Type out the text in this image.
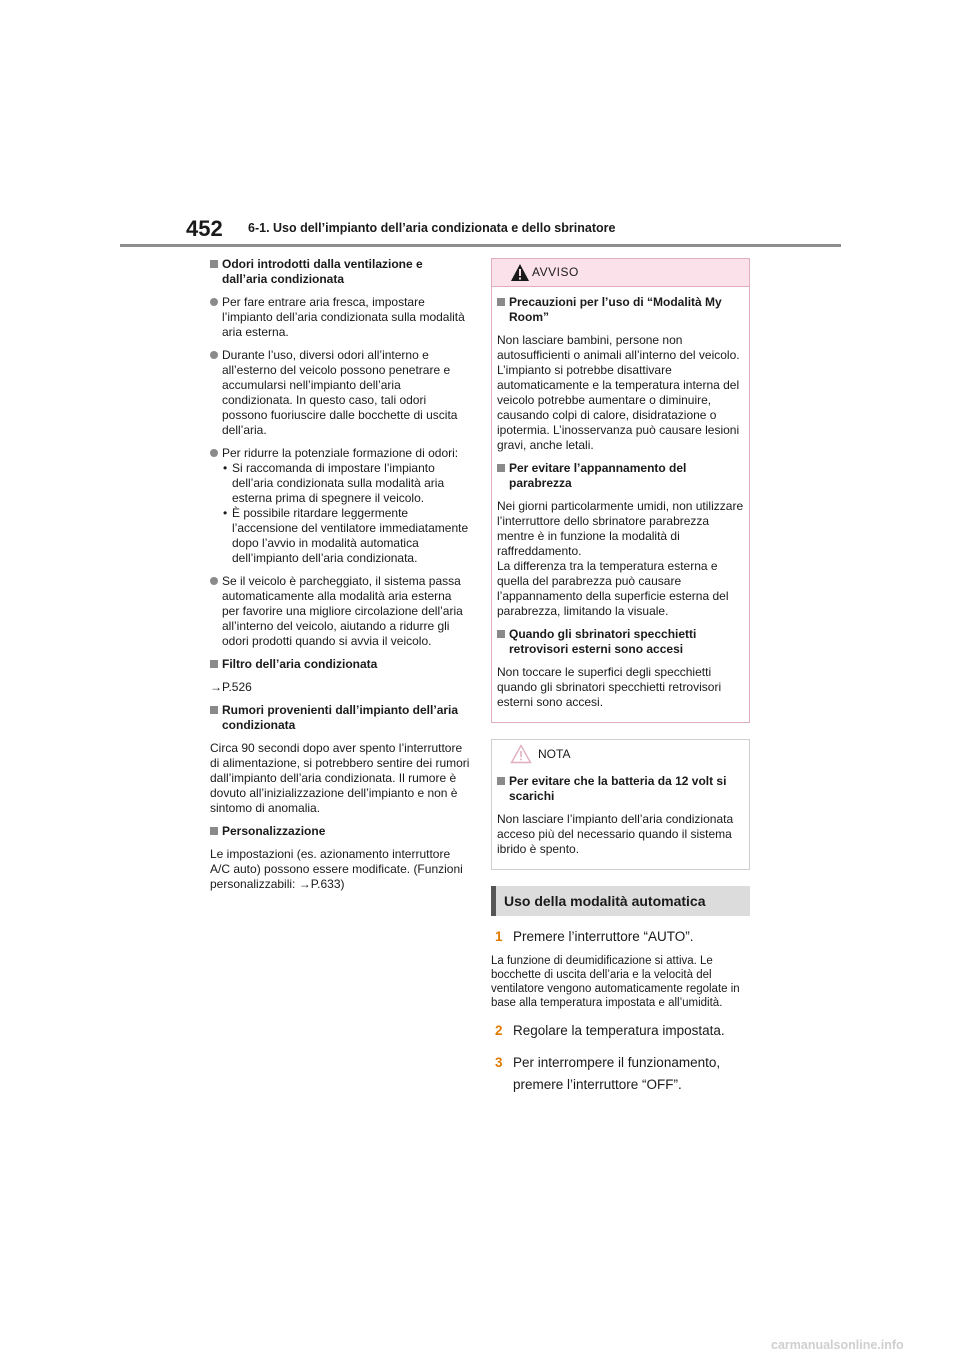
452 6-1. Uso dell’impianto dell’aria condizionata e dello sbrinatore
Odori introdotti dalla ventilazione e dall’aria condizionata
Per fare entrare aria fresca, impostare l’impianto dell’aria condizionata sulla modalità aria esterna.
Durante l’uso, diversi odori all’interno e all’esterno del veicolo possono penetrare e accumularsi nell’impianto dell’aria condizionata. In questo caso, tali odori possono fuoriuscire dalle bocchette di uscita dell’aria.
Per ridurre la potenziale formazione di odori:
• Si raccomanda di impostare l’impianto dell’aria condizionata sulla modalità aria esterna prima di spegnere il veicolo.
• È possibile ritardare leggermente l’accensione del ventilatore immediatamente dopo l’avvio in modalità automatica dell’impianto dell’aria condizionata.
Se il veicolo è parcheggiato, il sistema passa automaticamente alla modalità aria esterna per favorire una migliore circolazione dell’aria all’interno del veicolo, aiutando a ridurre gli odori prodotti quando si avvia il veicolo.
Filtro dell’aria condizionata
→P.526
Rumori provenienti dall’impianto dell’aria condizionata
Circa 90 secondi dopo aver spento l’interruttore di alimentazione, si potrebbero sentire dei rumori dall’impianto dell’aria condizionata. Il rumore è dovuto all’inizializzazione dell’impianto e non è sintomo di anomalia.
Personalizzazione
Le impostazioni (es. azionamento interruttore A/C auto) possono essere modificate. (Funzioni personalizzabili: →P.633)
AVVISO
Precauzioni per l’uso di “Modalità My Room”
Non lasciare bambini, persone non autosufficienti o animali all’interno del veicolo. L’impianto si potrebbe disattivare automaticamente e la temperatura interna del veicolo potrebbe aumentare o diminuire, causando colpi di calore, disidratazione o ipotermia. L’inosservanza può causare lesioni gravi, anche letali.
Per evitare l’appannamento del parabrezza
Nei giorni particolarmente umidi, non utilizzare l’interruttore dello sbrinatore parabrezza mentre è in funzione la modalità di raffreddamento.
La differenza tra la temperatura esterna e quella del parabrezza può causare l’appannamento della superficie esterna del parabrezza, limitando la visuale.
Quando gli sbrinatori specchietti retrovisori esterni sono accesi
Non toccare le superfici degli specchietti quando gli sbrinatori specchietti retrovisori esterni sono accesi.
NOTA
Per evitare che la batteria da 12 volt si scarichi
Non lasciare l’impianto dell’aria condizionata acceso più del necessario quando il sistema ibrido è spento.
Uso della modalità automatica
1 Premere l’interruttore “AUTO”.
La funzione di deumidificazione si attiva. Le bocchette di uscita dell’aria e la velocità del ventilatore vengono automaticamente regolate in base alla temperatura impostata e all’umidità.
2 Regolare la temperatura impostata.
3 Per interrompere il funzionamento, premere l’interruttore “OFF”.
carmanualsonline.info
